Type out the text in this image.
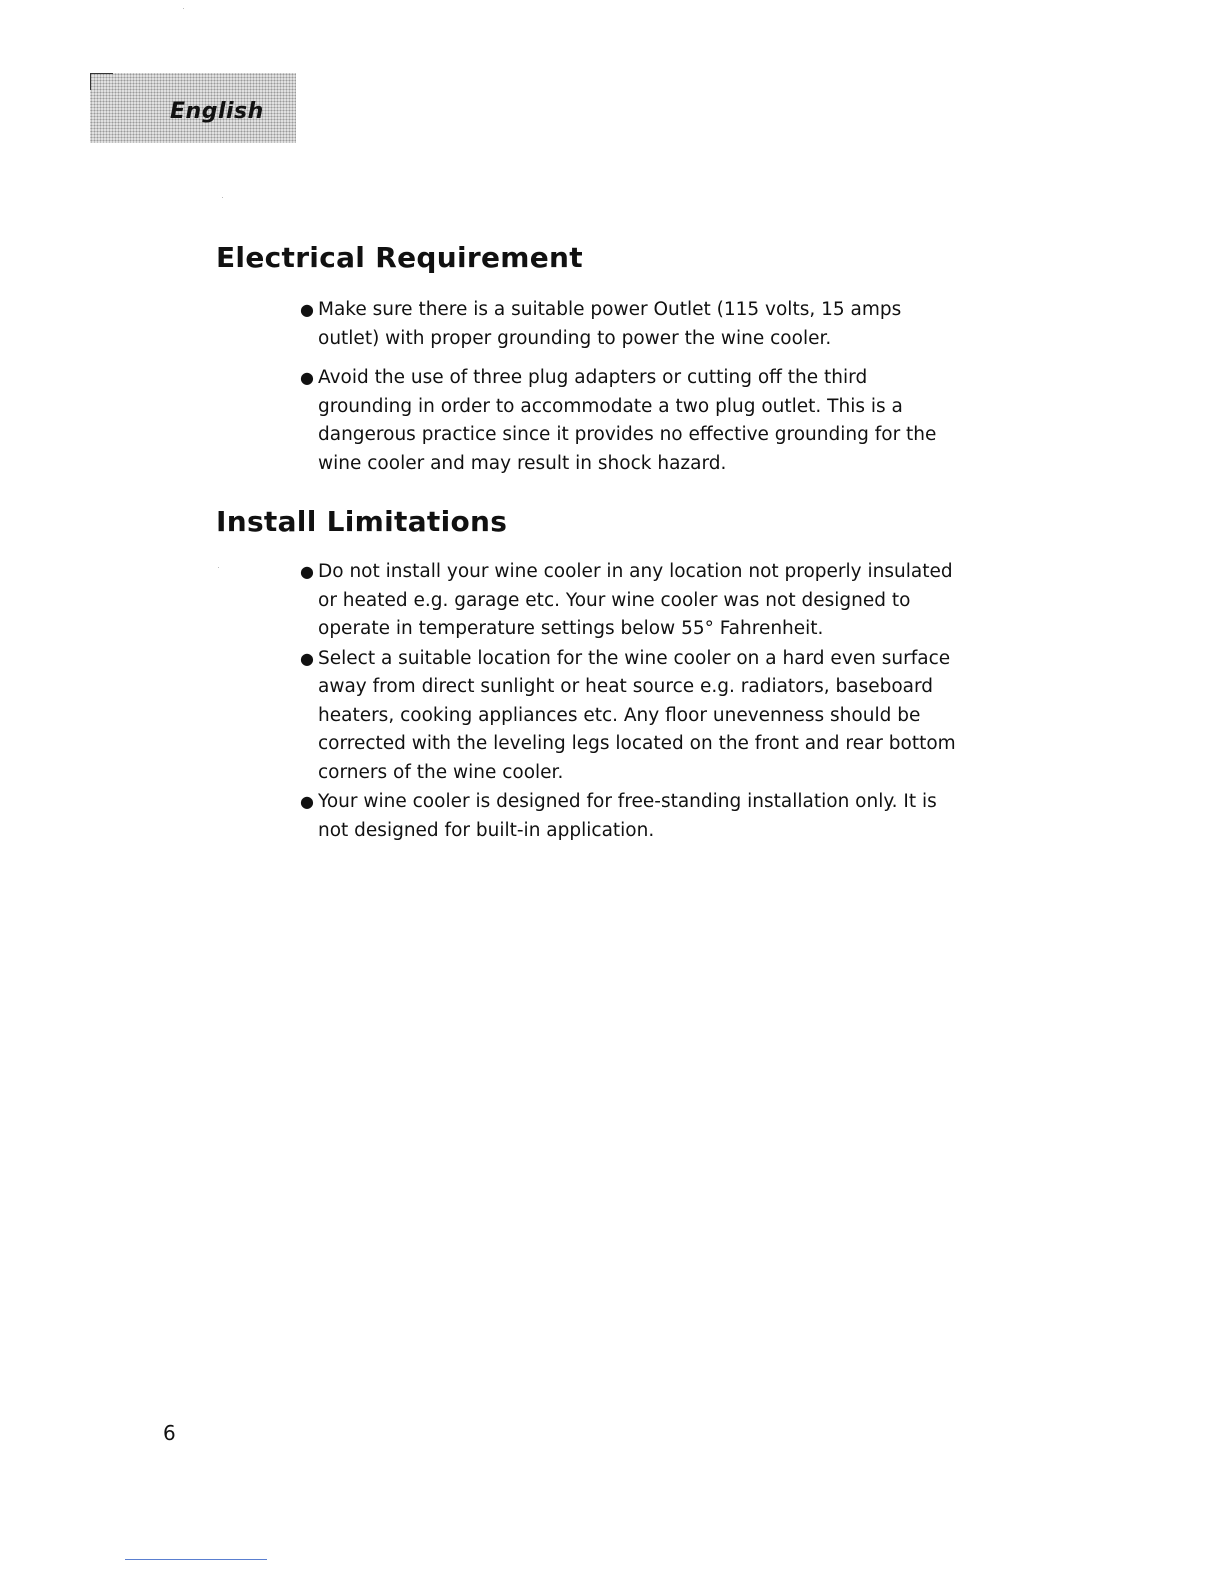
English
Electrical Requirement
● Make sure there is a suitable power Outlet (115 volts, 15 amps outlet) with proper grounding to power the wine cooler.
● Avoid the use of three plug adapters or cutting off the third grounding in order to accommodate a two plug outlet. This is a dangerous practice since it provides no effective grounding for the wine cooler and may result in shock hazard.
Install Limitations
● Do not install your wine cooler in any location not properly insulated or heated e.g. garage etc. Your wine cooler was not designed to operate in temperature settings below 55° Fahrenheit.
● Select a suitable location for the wine cooler on a hard even surface away from direct sunlight or heat source e.g. radiators, baseboard heaters, cooking appliances etc. Any floor unevenness should be corrected with the leveling legs located on the front and rear bottom corners of the wine cooler.
● Your wine cooler is designed for free-standing installation only. It is not designed for built-in application.
6
